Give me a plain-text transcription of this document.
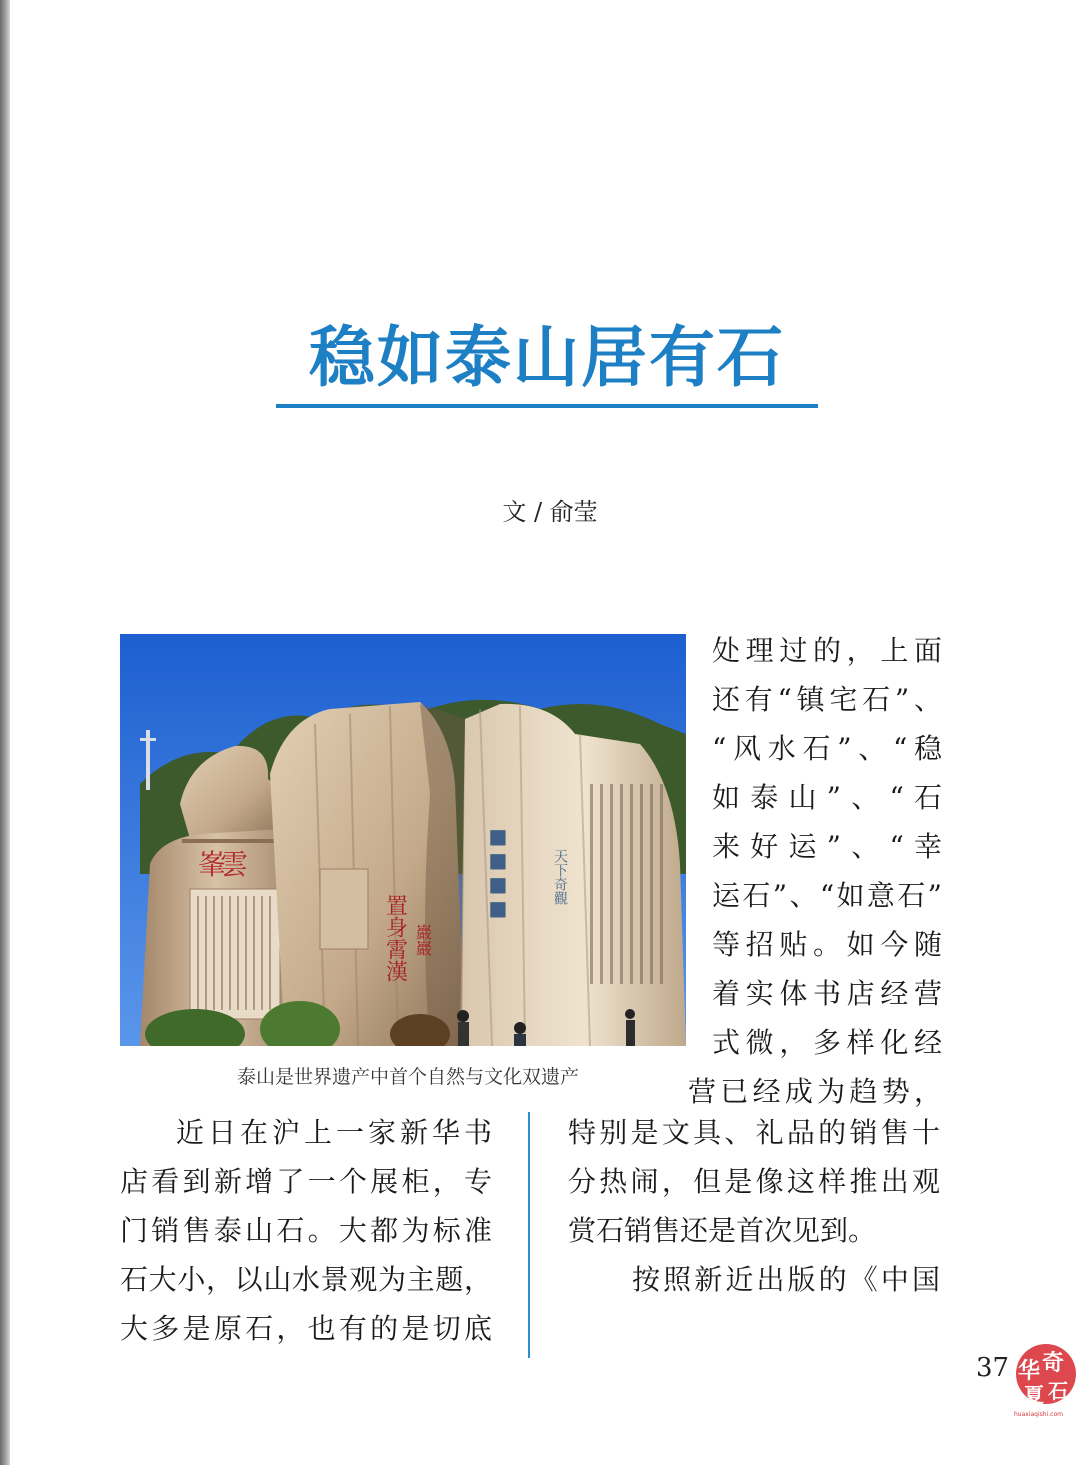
稳如泰山居有石
文 / 俞莹
雲
峯
置身霄漢 巖巖
天下奇觀
■■■■
泰山是世界遗产中首个自然与文化双遗产

处理过的，上面

还有“镇宅石”、

“风水石”、“稳

如泰山”、“石

来好运”、“幸

运石”、“如意石”

等招贴。如今随

着实体书店经营

式微，多样化经

营已经成为趋势，

近日在沪上一家新华书

店看到新增了一个展柜，专

门销售泰山石。大都为标准

石大小，以山水景观为主题，

大多是原石，也有的是切底

特别是文具、礼品的销售十

分热闹，但是像这样推出观

赏石销售还是首次见到。

按照新近出版的《中国

37 华 奇
夏 石
huaxiaqishi.com
